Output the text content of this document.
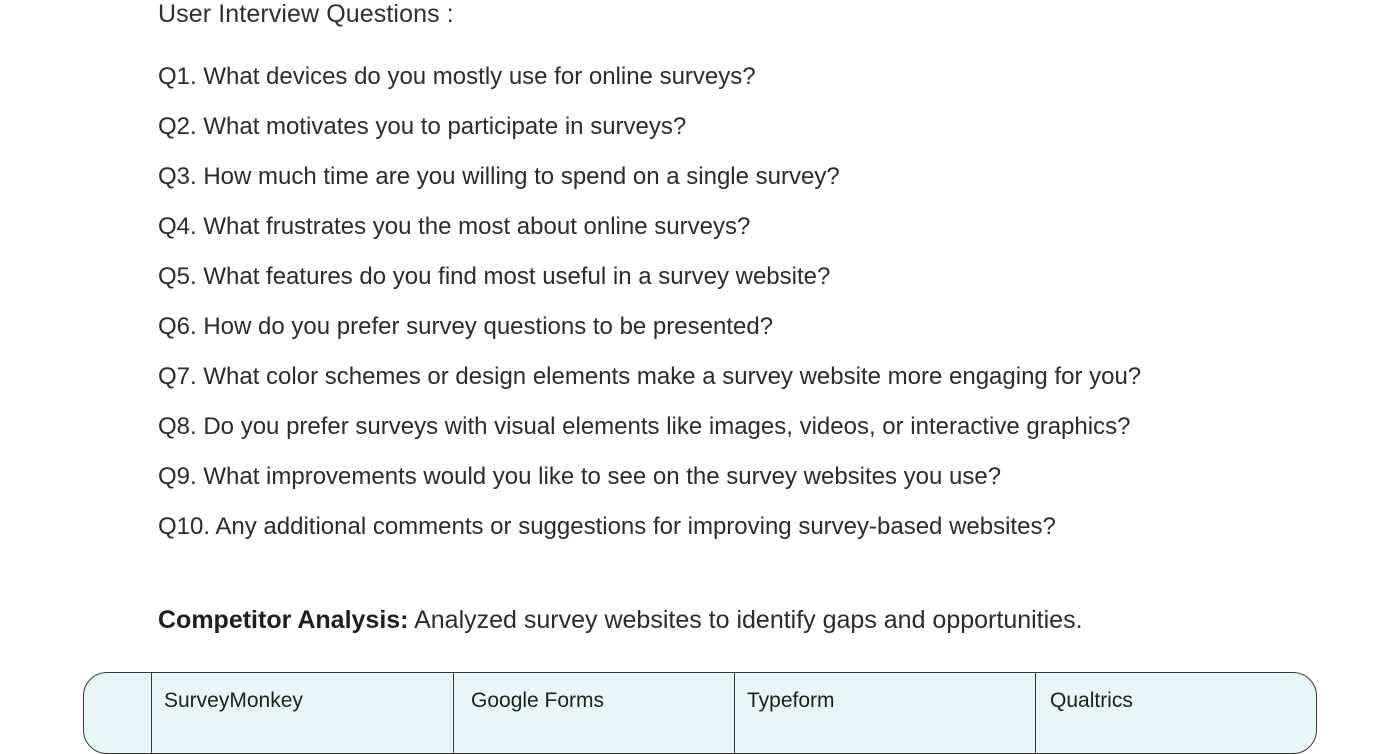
User Interview Questions :
Q1. What devices do you mostly use for online surveys?
Q2. What motivates you to participate in surveys?
Q3. How much time are you willing to spend on a single survey?
Q4. What frustrates you the most about online surveys?
Q5. What features do you find most useful in a survey website?
Q6. How do you prefer survey questions to be presented?
Q7. What color schemes or design elements make a survey website more engaging for you?
Q8. Do you prefer surveys with visual elements like images, videos, or interactive graphics?
Q9. What improvements would you like to see on the survey websites you use?
Q10. Any additional comments or suggestions for improving survey-based websites?
Competitor Analysis: Analyzed survey websites to identify gaps and opportunities.
SurveyMonkey	Google Forms	Typeform	Qualtrics
